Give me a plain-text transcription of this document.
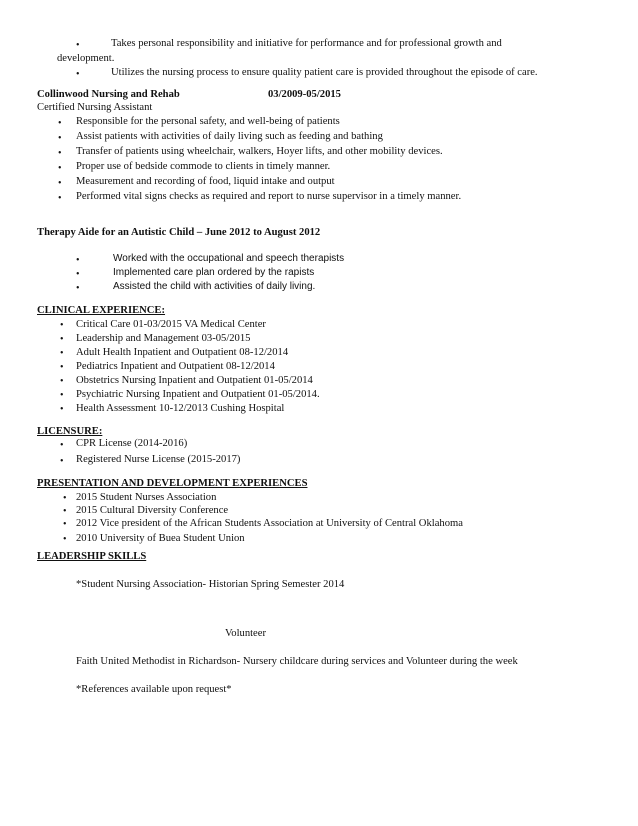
•
Takes personal responsibility and initiative for performance and for professional growth and
development.
•
Utilizes the nursing process to ensure quality patient care is provided throughout the episode of care.
Collinwood Nursing and Rehab	03/2009-05/2015
Certified Nursing Assistant
•
Responsible for the personal safety, and well-being of patients
•
Assist patients with activities of daily living such as feeding and bathing
•
Transfer of patients using wheelchair, walkers, Hoyer lifts, and other mobility devices.
•
Proper use of bedside commode to clients in timely manner.
•
Measurement and recording of food, liquid intake and output
•
Performed vital signs checks as required and report to nurse supervisor in a timely manner.
Therapy Aide for an Autistic Child – June 2012 to August 2012
•
Worked with the occupational and speech therapists
•
Implemented care plan ordered by the rapists
•
Assisted the child with activities of daily living.
CLINICAL EXPERIENCE:
•
Critical Care 01-03/2015 VA Medical Center
•
Leadership and Management 03-05/2015
•
Adult Health Inpatient and Outpatient 08-12/2014
•
Pediatrics Inpatient and Outpatient 08-12/2014
•
Obstetrics Nursing Inpatient and Outpatient 01-05/2014
•
Psychiatric Nursing Inpatient and Outpatient 01-05/2014.
•
Health Assessment 10-12/2013 Cushing Hospital
LICENSURE:
•
CPR License (2014-2016)
•
Registered Nurse License (2015-2017)
PRESENTATION AND DEVELOPMENT EXPERIENCES
•
2015 Student Nurses Association
•
2015 Cultural Diversity Conference
•
2012 Vice president of the African Students Association at University of Central Oklahoma
•
2010 University of Buea Student Union
LEADERSHIP SKILLS
*Student Nursing Association- Historian Spring Semester 2014
Volunteer
Faith United Methodist in Richardson- Nursery childcare during services and Volunteer during the week
*References available upon request*
